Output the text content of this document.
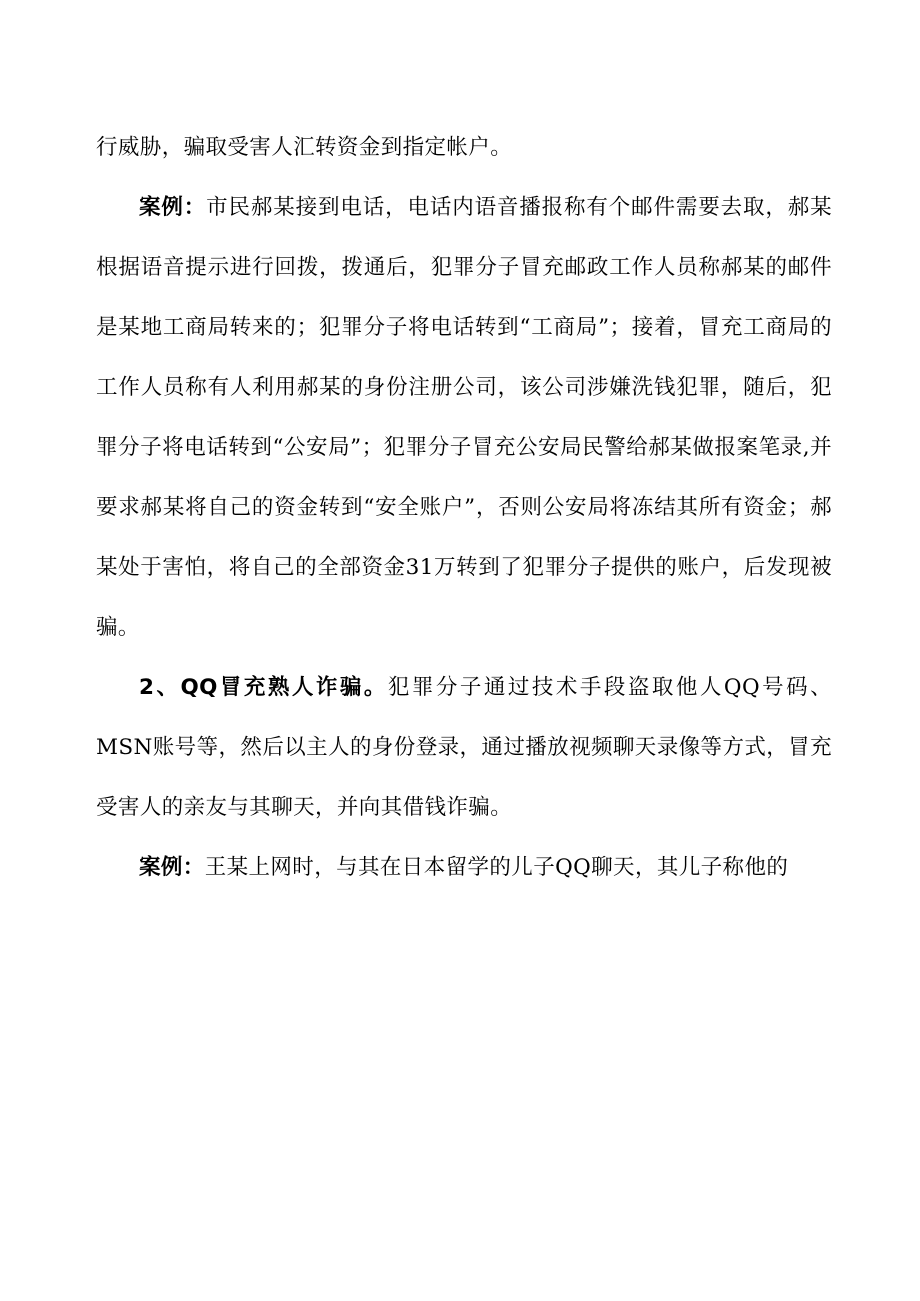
行威胁，骗取受害人汇转资金到指定帐户。

案例：市民郝某接到电话，电话内语音播报称有个邮件需要去取，郝某根据语音提示进行回拨，拨通后，犯罪分子冒充邮政工作人员称郝某的邮件是某地工商局转来的；犯罪分子将电话转到“工商局”；接着，冒充工商局的工作人员称有人利用郝某的身份注册公司，该公司涉嫌洗钱犯罪，随后，犯罪分子将电话转到“公安局”；犯罪分子冒充公安局民警给郝某做报案笔录,并要求郝某将自己的资金转到“安全账户”，否则公安局将冻结其所有资金；郝某处于害怕，将自己的全部资金31万转到了犯罪分子提供的账户，后发现被骗。

2、QQ冒充熟人诈骗。犯罪分子通过技术手段盗取他人QQ号码、MSN账号等，然后以主人的身份登录，通过播放视频聊天录像等方式，冒充受害人的亲友与其聊天，并向其借钱诈骗。

案例：王某上网时，与其在日本留学的儿子QQ聊天，其儿子称他的
